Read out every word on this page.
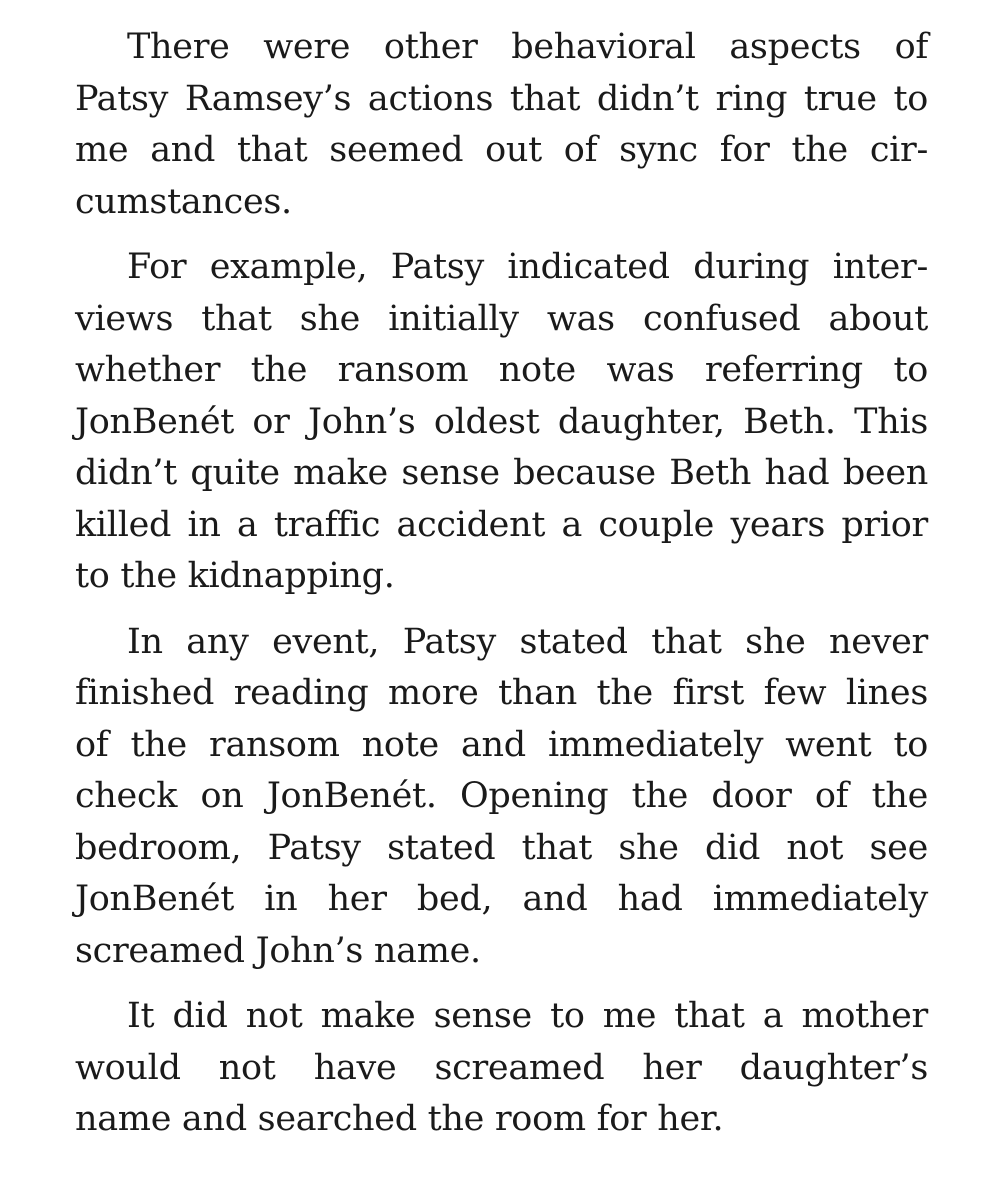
There were other behavioral aspects of
Patsy Ramsey’s actions that didn’t ring true to
me and that seemed out of sync for the cir-
cumstances.

For example, Patsy indicated during inter-
views that she initially was confused about
whether the ransom note was referring to
JonBenét or John’s oldest daughter, Beth. This
didn’t quite make sense because Beth had been
killed in a traffic accident a couple years prior
to the kidnapping.

In any event, Patsy stated that she never
finished reading more than the first few lines
of the ransom note and immediately went to
check on JonBenét. Opening the door of the
bedroom, Patsy stated that she did not see
JonBenét in her bed, and had immediately
screamed John’s name.

It did not make sense to me that a mother
would not have screamed her daughter’s
name and searched the room for her.
